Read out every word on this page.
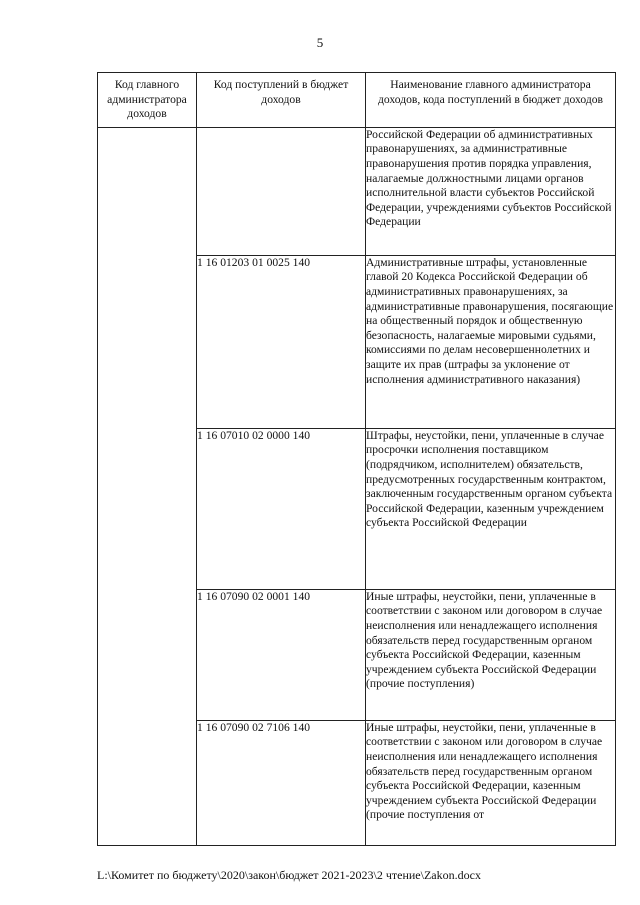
5
Код главного администратора доходов	Код поступлений в бюджет доходов	Наименование главного администратора доходов, кода поступлений в бюджет доходов
		Российской Федерации об административных правонарушениях, за административные правонарушения против порядка управления, налагаемые должностными лицами органов исполнительной власти субъектов Российской Федерации, учреждениями субъектов Российской Федерации
	1 16 01203 01 0025 140	Административные штрафы, установленные главой 20 Кодекса Российской Федерации об административных правонарушениях, за административные правонарушения, посягающие на общественный порядок и общественную безопасность, налагаемые мировыми судьями, комиссиями по делам несовершеннолетних и защите их прав (штрафы за уклонение от исполнения административного наказания)
	1 16 07010 02 0000 140	Штрафы, неустойки, пени, уплаченные в случае просрочки исполнения поставщиком (подрядчиком, исполнителем) обязательств, предусмотренных государственным контрактом, заключенным государственным органом субъекта Российской Федерации, казенным учреждением субъекта Российской Федерации
	1 16 07090 02 0001 140	Иные штрафы, неустойки, пени, уплаченные в соответствии с законом или договором в случае неисполнения или ненадлежащего исполнения обязательств перед государственным органом субъекта Российской Федерации, казенным учреждением субъекта Российской Федерации (прочие поступления)
	1 16 07090 02 7106 140	Иные штрафы, неустойки, пени, уплаченные в соответствии с законом или договором в случае неисполнения или ненадлежащего исполнения обязательств перед государственным органом субъекта Российской Федерации, казенным учреждением субъекта Российской Федерации (прочие поступления от
L:\Комитет по бюджету\2020\закон\бюджет 2021-2023\2 чтение\Zakon.docx
